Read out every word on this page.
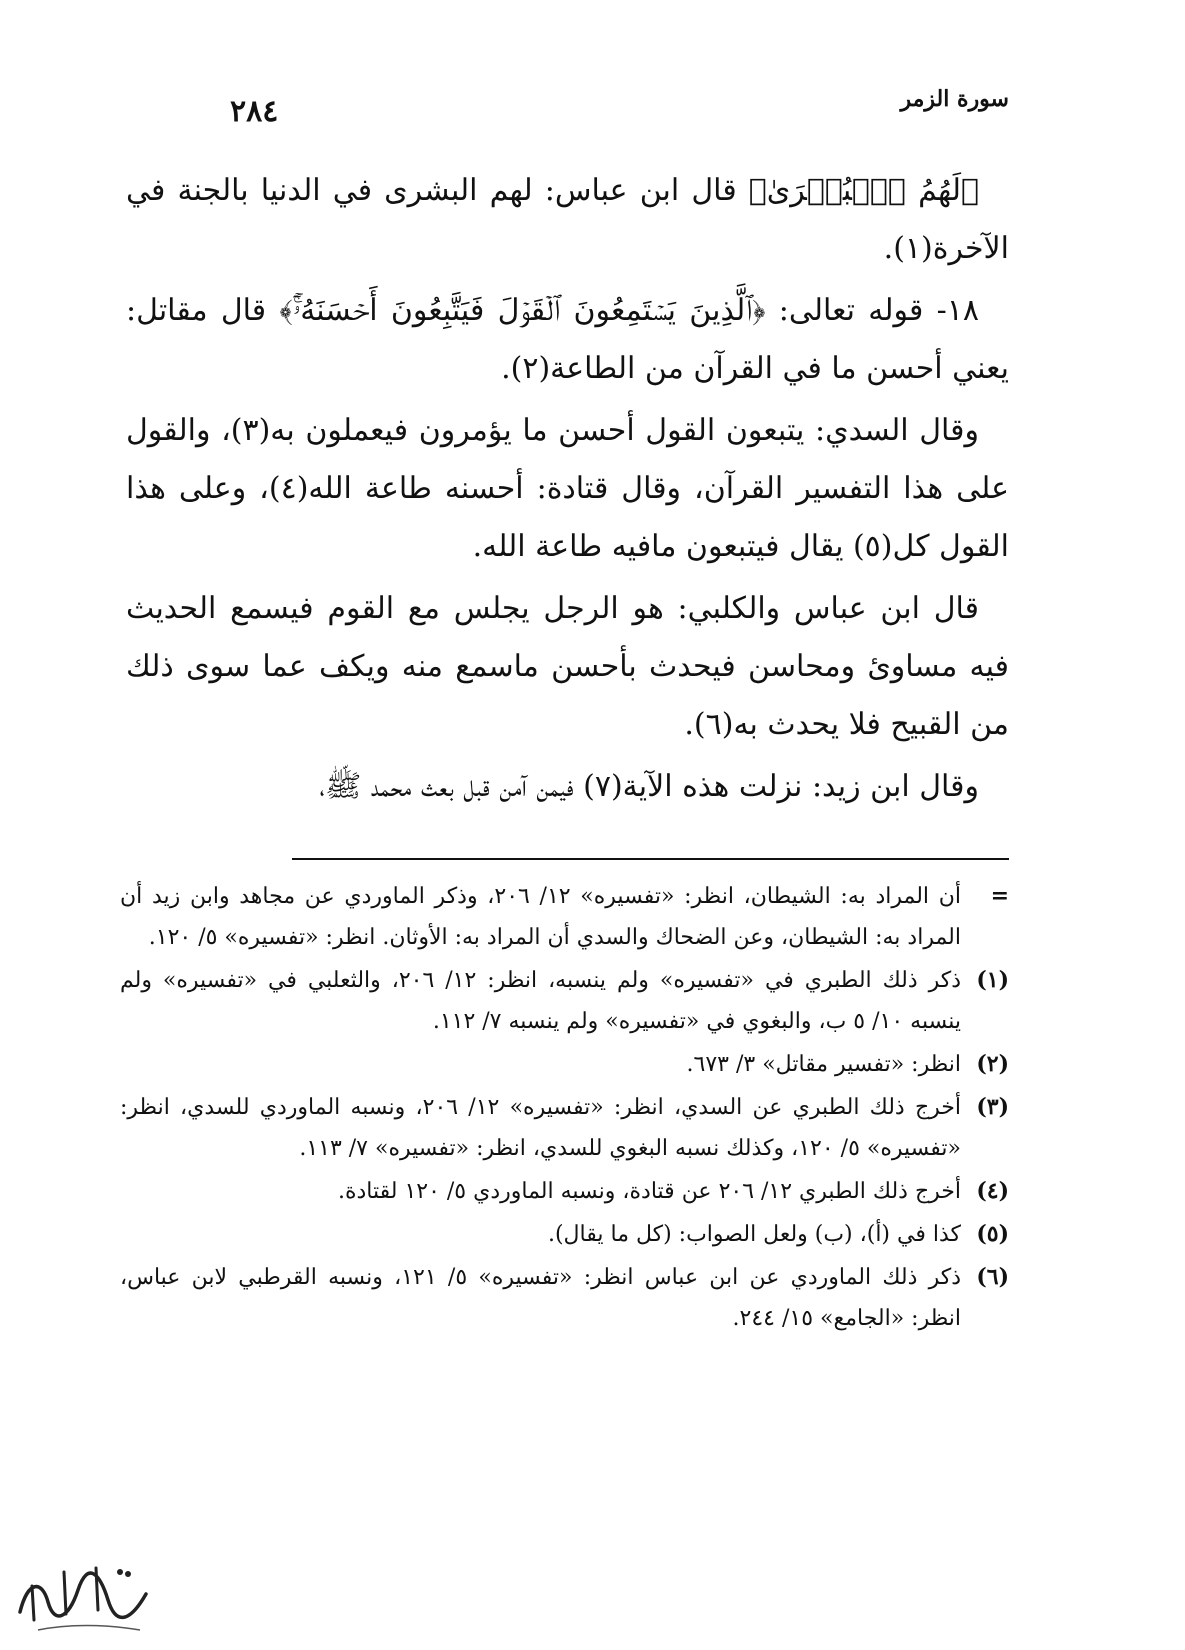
٢٨٤	سورة الزمر

﴿لَهُمُ ٱلۡبُشۡرَىٰ﴾ قال ابن عباس: لهم البشرى في الدنيا بالجنة في الآخرة(١).

١٨- قوله تعالى: ﴿ٱلَّذِينَ يَسۡتَمِعُونَ ٱلۡقَوۡلَ فَيَتَّبِعُونَ أَحۡسَنَهُۥٓۚ﴾ قال مقاتل: يعني أحسن ما في القرآن من الطاعة(٢).

وقال السدي: يتبعون القول أحسن ما يؤمرون فيعملون به(٣)، والقول على هذا التفسير القرآن، وقال قتادة: أحسنه طاعة الله(٤)، وعلى هذا القول كل(٥) يقال فيتبعون مافيه طاعة الله.

قال ابن عباس والكلبي: هو الرجل يجلس مع القوم فيسمع الحديث فيه مساوئ ومحاسن فيحدث بأحسن ماسمع منه ويكف عما سوى ذلك من القبيح فلا يحدث به(٦).

وقال ابن زيد: نزلت هذه الآية(٧) فيمن آمن قبل بعث محمد ﷺ،

=أن المراد به: الشيطان، انظر: «تفسيره» ١٢/ ٢٠٦، وذكر الماوردي عن مجاهد وابن زيد أن المراد به: الشيطان، وعن الضحاك والسدي أن المراد به: الأوثان. انظر: «تفسيره» ٥/ ١٢٠.

(١)ذكر ذلك الطبري في «تفسيره» ولم ينسبه، انظر: ١٢/ ٢٠٦، والثعلبي في «تفسيره» ولم ينسبه ١٠/ ٥ ب، والبغوي في «تفسيره» ولم ينسبه ٧/ ١١٢.

(٢)انظر: «تفسير مقاتل» ٣/ ٦٧٣.

(٣)أخرج ذلك الطبري عن السدي، انظر: «تفسيره» ١٢/ ٢٠٦، ونسبه الماوردي للسدي، انظر: «تفسيره» ٥/ ١٢٠، وكذلك نسبه البغوي للسدي، انظر: «تفسيره» ٧/ ١١٣.

(٤)أخرج ذلك الطبري ١٢/ ٢٠٦ عن قتادة، ونسبه الماوردي ٥/ ١٢٠ لقتادة.

(٥)كذا في (أ)، (ب) ولعل الصواب: (كل ما يقال).

(٦)ذكر ذلك الماوردي عن ابن عباس انظر: «تفسيره» ٥/ ١٢١، ونسبه القرطبي لابن عباس، انظر: «الجامع» ١٥/ ٢٤٤.
